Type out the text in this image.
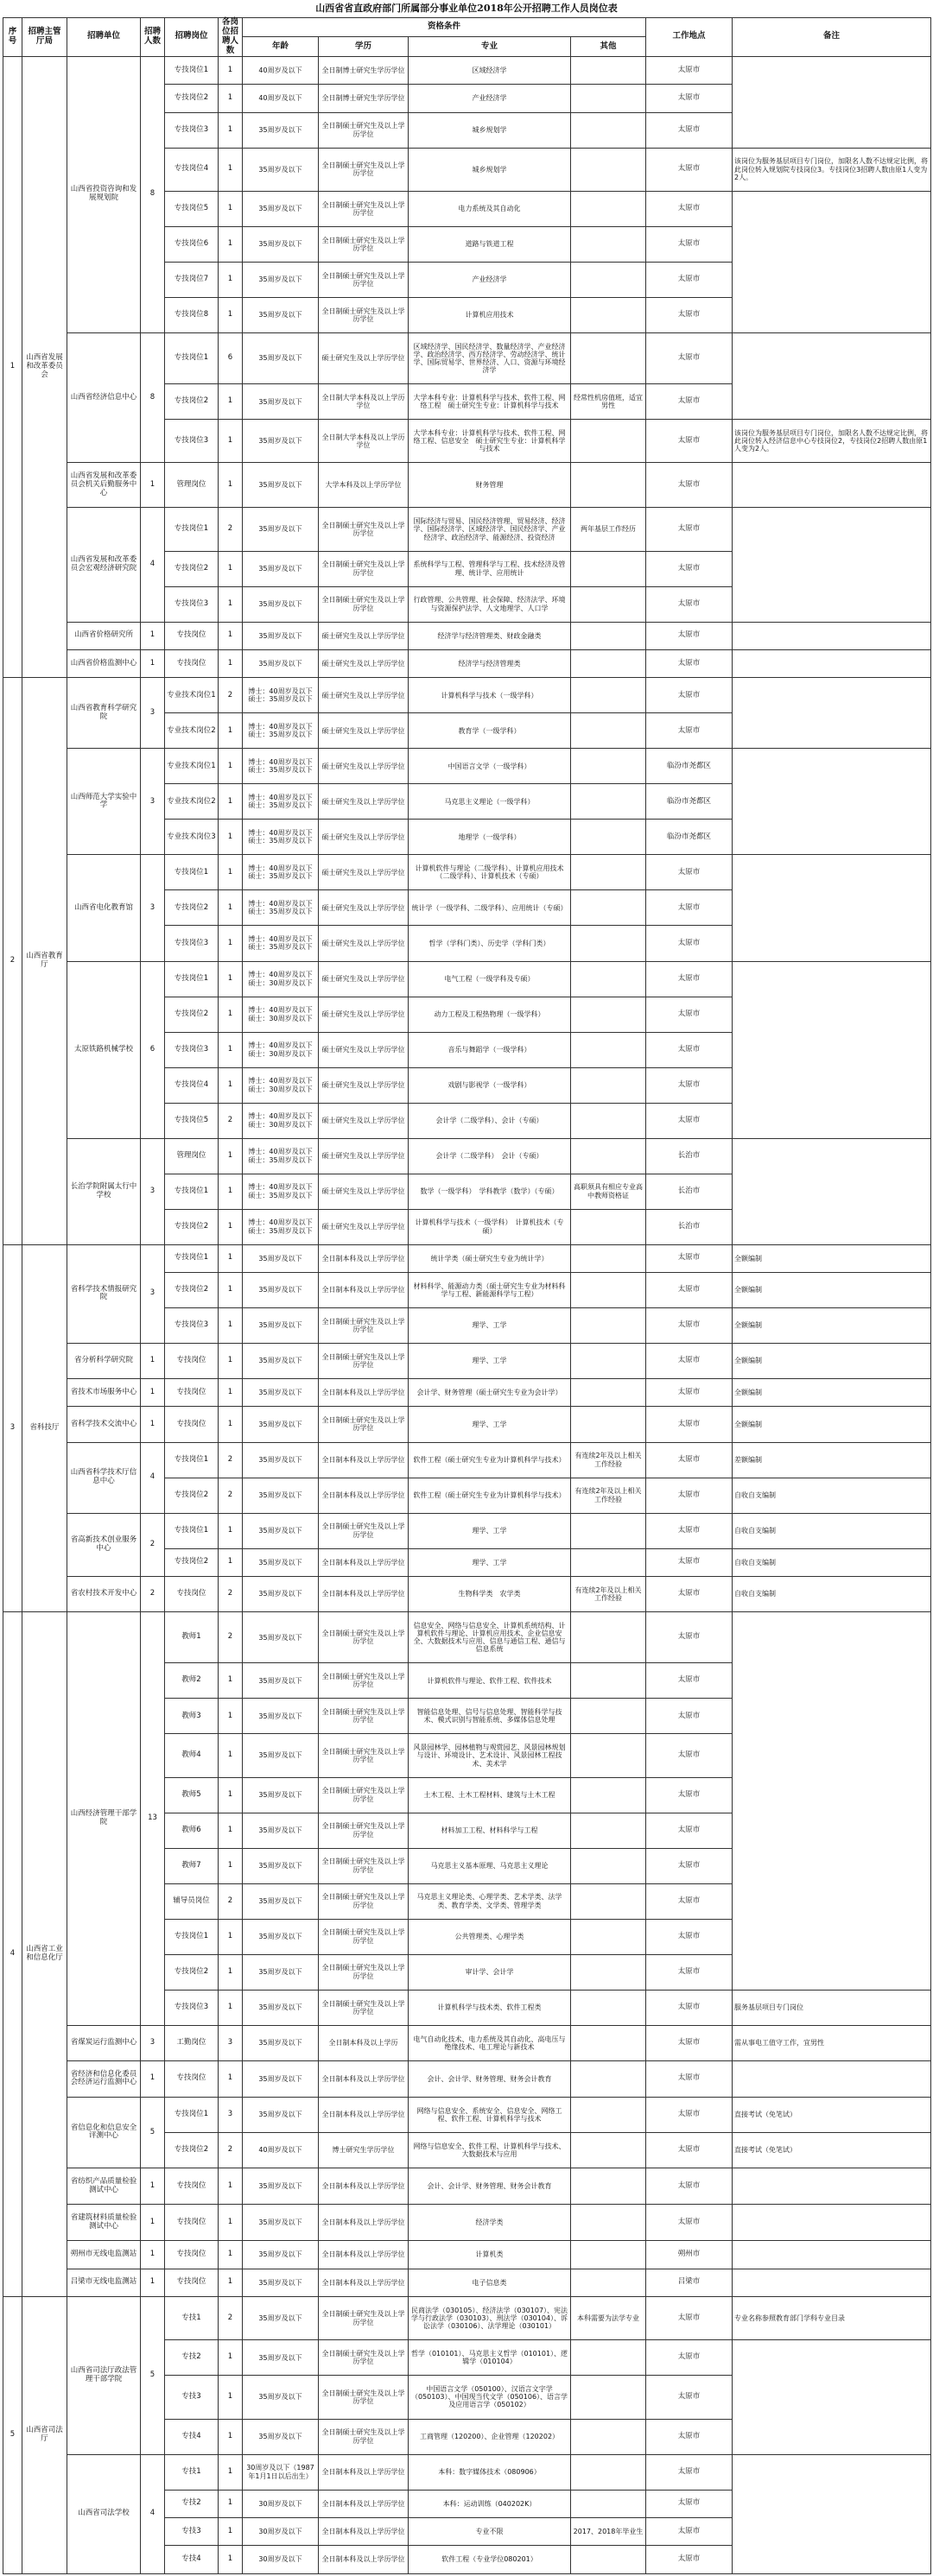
山西省省直政府部门所属部分事业单位2018年公开招聘工作人员岗位表
序号	招聘主管厅局	招聘单位	招聘人数	招聘岗位	各岗位招聘人数	资格条件				工作地点	备注
						年龄	学历	专业	其他		
1	山西省发展和改革委员会	山西省投资咨询和发展规划院	8	专技岗位1	1	40周岁及以下	全日制博士研究生学历学位	区域经济学		太原市	
				专技岗位2	1	40周岁及以下	全日制博士研究生学历学位	产业经济学		太原市	
				专技岗位3	1	35周岁及以下	全日制硕士研究生及以上学历学位	城乡规划学		太原市	
				专技岗位4	1	35周岁及以下	全日制硕士研究生及以上学历学位	城乡规划学		太原市	该岗位为服务基层项目专门岗位，加限名人数不达规定比例，将此岗位转入规划院专技岗位3。专技岗位3招聘人数由原1人变为2人。
				专技岗位5	1	35周岁及以下	全日制硕士研究生及以上学历学位	电力系统及其自动化		太原市	
				专技岗位6	1	35周岁及以下	全日制硕士研究生及以上学历学位	道路与铁道工程		太原市	
				专技岗位7	1	35周岁及以下	全日制硕士研究生及以上学历学位	产业经济学		太原市	
				专技岗位8	1	35周岁及以下	全日制硕士研究生及以上学历学位	计算机应用技术		太原市	
		山西省经济信息中心	8	专技岗位1	6	35周岁及以下	硕士研究生及以上学历学位	区域经济学、国民经济学、数量经济学、产业经济学、政治经济学、西方经济学、劳动经济学、统计学、国际贸易学、世界经济、人口、资源与环境经济学		太原市	
				专技岗位2	1	35周岁及以下	全日制大学本科及以上学历学位	大学本科专业：计算机科学与技术、软件工程、网络工程　硕士研究生专业：计算机科学与技术	经常性机房值班，适宜男性	太原市	
				专技岗位3	1	35周岁及以下	全日制大学本科及以上学历学位	大学本科专业：计算机科学与技术、软件工程、网络工程、信息安全　硕士研究生专业：计算机科学与技术		太原市	该岗位为服务基层项目专门岗位，加限名人数不达规定比例，将此岗位转入经济信息中心专技岗位2，专技岗位2招聘人数由原1人变为2人。
		山西省发展和改革委员会机关后勤服务中心	1	管理岗位	1	35周岁及以下	大学本科及以上学历学位	财务管理		太原市	
		山西省发展和改革委员会宏观经济研究院	4	专技岗位1	2	35周岁及以下	全日制硕士研究生及以上学历学位	国际经济与贸易、国民经济管理、贸易经济、经济学、国际经济学、区域经济学、国民经济学、产业经济学、政治经济学、能源经济、投资经济	两年基层工作经历	太原市	
				专技岗位2	1	35周岁及以下	全日制硕士研究生及以上学历学位	系统科学与工程、管理科学与工程、技术经济及管理、统计学、应用统计		太原市	
				专技岗位3	1	35周岁及以下	全日制硕士研究生及以上学历学位	行政管理、公共管理、社会保障、经济法学、环境与资源保护法学、人文地理学、人口学		太原市	
		山西省价格研究所	1	专技岗位	1	35周岁及以下	硕士研究生及以上学历学位	经济学与经济管理类、财政金融类		太原市	
		山西省价格监测中心	1	专技岗位	1	35周岁及以下	硕士研究生及以上学历学位	经济学与经济管理类		太原市	
2	山西省教育厅	山西省教育科学研究院	3	专业技术岗位1	2	博士：40周岁及以下　硕士：35周岁及以下	硕士研究生及以上学历学位	计算机科学与技术（一级学科）		太原市	
				专业技术岗位2	1	博士：40周岁及以下　硕士：35周岁及以下	硕士研究生及以上学历学位	教育学（一级学科）		太原市	
		山西师范大学实验中学	3	专业技术岗位1	1	博士：40周岁及以下　硕士：35周岁及以下	硕士研究生及以上学历学位	中国语言文学（一级学科）		临汾市尧都区	
				专业技术岗位2	1	博士：40周岁及以下　硕士：35周岁及以下	硕士研究生及以上学历学位	马克思主义理论（一级学科）		临汾市尧都区	
				专业技术岗位3	1	博士：40周岁及以下　硕士：35周岁及以下	硕士研究生及以上学历学位	地理学（一级学科）		临汾市尧都区	
		山西省电化教育馆	3	专技岗位1	1	博士：40周岁及以下　硕士：35周岁及以下	硕士研究生及以上学历学位	计算机软件与理论（二级学科）、计算机应用技术（二级学科）、计算机技术（专硕）		太原市	
				专技岗位2	1	博士：40周岁及以下　硕士：35周岁及以下	硕士研究生及以上学历学位	统计学（一级学科、二级学科）、应用统计（专硕）		太原市	
				专技岗位3	1	博士：40周岁及以下　硕士：35周岁及以下	硕士研究生及以上学历学位	哲学（学科门类）、历史学（学科门类）		太原市	
		太原铁路机械学校	6	专技岗位1	1	博士：40周岁及以下　硕士：30周岁及以下	硕士研究生及以上学历学位	电气工程（一级学科及专硕）		太原市	
				专技岗位2	1	博士：40周岁及以下　硕士：30周岁及以下	硕士研究生及以上学历学位	动力工程及工程热物理（一级学科）		太原市	
				专技岗位3	1	博士：40周岁及以下　硕士：30周岁及以下	硕士研究生及以上学历学位	音乐与舞蹈学（一级学科）		太原市	
				专技岗位4	1	博士：40周岁及以下　硕士：30周岁及以下	硕士研究生及以上学历学位	戏剧与影视学（一级学科）		太原市	
				专技岗位5	2	博士：40周岁及以下　硕士：30周岁及以下	硕士研究生及以上学历学位	会计学（二级学科）、会计（专硕）		太原市	
		长治学院附属太行中学校	3	管理岗位	1	博士：40周岁及以下　硕士：35周岁及以下	硕士研究生及以上学历学位	会计学（二级学科）　会计（专硕）		长治市	
				专技岗位1	1	博士：40周岁及以下　硕士：35周岁及以下	硕士研究生及以上学历学位	数学（一级学科）　学科教学（数学）（专硕）	高职须具有相应专业高中教师资格证	长治市	
				专技岗位2	1	博士：40周岁及以下　硕士：35周岁及以下	硕士研究生及以上学历学位	计算机科学与技术（一级学科）　计算机技术（专硕）		长治市	
3	省科技厅	省科学技术情报研究院	3	专技岗位1	1	35周岁及以下	全日制本科及以上学历学位	统计学类（硕士研究生专业为统计学）		太原市	全额编制
				专技岗位2	1	35周岁及以下	全日制本科及以上学历学位	材料科学、能源动力类（硕士研究生专业为材料科学与工程、新能源科学与工程）		太原市	全额编制
				专技岗位3	1	35周岁及以下	全日制硕士研究生及以上学历学位	理学、工学		太原市	全额编制
		省分析科学研究院	1	专技岗位	1	35周岁及以下	全日制硕士研究生及以上学历学位	理学、工学		太原市	全额编制
		省技术市场服务中心	1	专技岗位	1	35周岁及以下	全日制本科及以上学历学位	会计学、财务管理（硕士研究生专业为会计学）		太原市	全额编制
		省科学技术交流中心	1	专技岗位	1	35周岁及以下	全日制硕士研究生及以上学历学位	理学、工学		太原市	全额编制
		山西省科学技术厅信息中心	4	专技岗位1	2	35周岁及以下	全日制本科及以上学历学位	软件工程（硕士研究生专业为计算机科学与技术）	有连续2年及以上相关工作经验	太原市	差额编制
				专技岗位2	2	35周岁及以下	全日制本科及以上学历学位	软件工程（硕士研究生专业为计算机科学与技术）	有连续2年及以上相关工作经验	太原市	自收自支编制
		省高新技术创业服务中心	2	专技岗位1	1	35周岁及以下	全日制硕士研究生及以上学历学位	理学、工学		太原市	自收自支编制
				专技岗位2	1	35周岁及以下	全日制本科及以上学历学位	理学、工学		太原市	自收自支编制
		省农村技术开发中心	2	专技岗位	2	35周岁及以下	全日制本科及以上学历学位	生物科学类　农学类	有连续2年及以上相关工作经验	太原市	自收自支编制
4	山西省工业和信息化厅	山西经济管理干部学院	13	教师1	2	35周岁及以下	全日制硕士研究生及以上学历学位	信息安全、网络与信息安全、计算机系统结构、计算机软件与理论、计算机应用技术、企业信息安全、大数据技术与应用、信息与通信工程、通信与信息系统		太原市	
				教师2	1	35周岁及以下	全日制硕士研究生及以上学历学位	计算机软件与理论、软件工程、软件技术		太原市	
				教师3	1	35周岁及以下	全日制硕士研究生及以上学历学位	智能信息处理、信号与信息处理、智能科学与技术、模式识别与智能系统、多媒体信息处理		太原市	
				教师4	1	35周岁及以下	全日制硕士研究生及以上学历学位	风景园林学、园林植物与观赏园艺、风景园林规划与设计、环境设计、艺术设计、风景园林工程技术、美术学		太原市	
				教师5	1	35周岁及以下	全日制硕士研究生及以上学历学位	土木工程、土木工程材料、建筑与土木工程		太原市	
				教师6	1	35周岁及以下	全日制硕士研究生及以上学历学位	材料加工工程、材料科学与工程		太原市	
				教师7	1	35周岁及以下	全日制硕士研究生及以上学历学位	马克思主义基本原理、马克思主义理论		太原市	
				辅导员岗位	2	35周岁及以下	全日制硕士研究生及以上学历学位	马克思主义理论类、心理学类、艺术学类、法学类、教育学类、文学类、管理学类		太原市	
				专技岗位1	1	35周岁及以下	全日制硕士研究生及以上学历学位	公共管理类、心理学类		太原市	
				专技岗位2	1	35周岁及以下	全日制硕士研究生及以上学历学位	审计学、会计学		太原市	
				专技岗位3	1	35周岁及以下	全日制硕士研究生及以上学历学位	计算机科学与技术类、软件工程类		太原市	服务基层项目专门岗位
		省煤炭运行监测中心	3	工勤岗位	3	35周岁及以下	全日制本科及以上学历	电气自动化技术、电力系统及其自动化、高电压与绝缘技术、电工理论与新技术		太原市	需从事电工值守工作，宜男性
		省经济和信息化委员会经济运行监测中心	1	专技岗位	1	35周岁及以下	全日制本科及以上学历学位	会计、会计学、财务管理、财务会计教育		太原市	
		省信息化和信息安全评测中心	5	专技岗位1	3	35周岁及以下	全日制本科及以上学历学位	网络与信息安全、系统安全、信息安全、网络工程、软件工程、计算机科学与技术		太原市	直接考试（免笔试）
				专技岗位2	2	40周岁及以下	博士研究生学历学位	网络与信息安全、软件工程、计算机科学与技术、大数据技术与应用		太原市	直接考试（免笔试）
		省纺织产品质量检验测试中心	1	专技岗位	1	35周岁及以下	全日制本科及以上学历学位	会计、会计学、财务管理、财务会计教育		太原市	
		省建筑材料质量检验测试中心	1	专技岗位	1	35周岁及以下	全日制本科及以上学历学位	经济学类		太原市	
		朔州市无线电监测站	1	专技岗位	1	35周岁及以下	全日制本科及以上学历学位	计算机类		朔州市	
		吕梁市无线电监测站	1	专技岗位	1	35周岁及以下	全日制本科及以上学历学位	电子信息类		吕梁市	
5	山西省司法厅	山西省司法厅政法管理干部学院	5	专技1	2	35周岁及以下	全日制硕士研究生及以上学历学位	民商法学（030105）、经济法学（030107）、宪法学与行政法学（030103）、刑法学（030104）、诉讼法学（030106）、法学理论（030101）	本科需要为法学专业	太原市	专业名称参照教育部门学科专业目录
				专技2	1	35周岁及以下	全日制硕士研究生及以上学历学位	哲学（010101）、马克思主义哲学（010101）、逻辑学（010104）		太原市	
				专技3	1	35周岁及以下	全日制硕士研究生及以上学历学位	中国语言文学（050100）、汉语言文字学（050103）、中国现当代文学（050106）、语言学及应用语言学（050102）		太原市	
				专技4	1	35周岁及以下	全日制硕士研究生及以上学历学位	工商管理（120200）、企业管理（120202）		太原市	
		山西省司法学校	4	专技1	1	30周岁及以下（1987年1月1日以后出生）	全日制本科及以上学历学位	本科：数字媒体技术（080906）		太原市	
				专技2	1	30周岁及以下	全日制本科及以上学历学位	本科：运动训练（040202K）		太原市	
				专技3	1	30周岁及以下	全日制本科及以上学历学位	专业不限	2017、2018年毕业生	太原市	
				专技4	1	30周岁及以下	全日制本科及以上学历学位	软件工程（专业学位080201）		太原市	
